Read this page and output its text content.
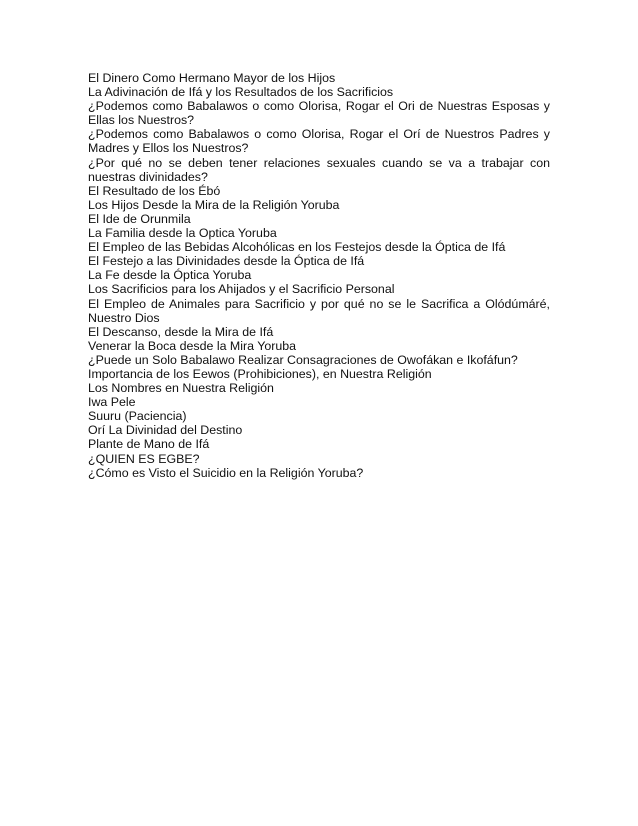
El Dinero Como Hermano Mayor de los Hijos

La Adivinación de Ifá y los Resultados de los Sacrificios

¿Podemos como Babalawos o como Olorisa, Rogar el Ori de Nuestras Esposas y Ellas los Nuestros?

¿Podemos como Babalawos o como Olorisa, Rogar el Orí de Nuestros Padres y Madres y Ellos los Nuestros?

¿Por qué no se deben tener relaciones sexuales cuando se va a trabajar con nuestras divinidades?

El Resultado de los Ébó

Los Hijos Desde la Mira de la Religión Yoruba

El Ide de Orunmila

La Familia desde la Optica Yoruba

El Empleo de las Bebidas Alcohólicas en los Festejos desde la Óptica de Ifá

El Festejo a las Divinidades desde la Óptica de Ifá

La Fe desde la Óptica Yoruba

Los Sacrificios para los Ahijados y el Sacrificio Personal

El Empleo de Animales para Sacrificio y por qué no se le Sacrifica a Olódúmáré, Nuestro Dios

El Descanso, desde la Mira de Ifá

Venerar la Boca desde la Mira Yoruba

¿Puede un Solo Babalawo Realizar Consagraciones de Owofákan e Ikofáfun?

Importancia de los Eewos (Prohibiciones), en Nuestra Religión

Los Nombres en Nuestra Religión

Iwa Pele

Suuru (Paciencia)

Orí La Divinidad del Destino

Plante de Mano de Ifá

¿QUIEN ES EGBE?

¿Cómo es Visto el Suicidio en la Religión Yoruba?
